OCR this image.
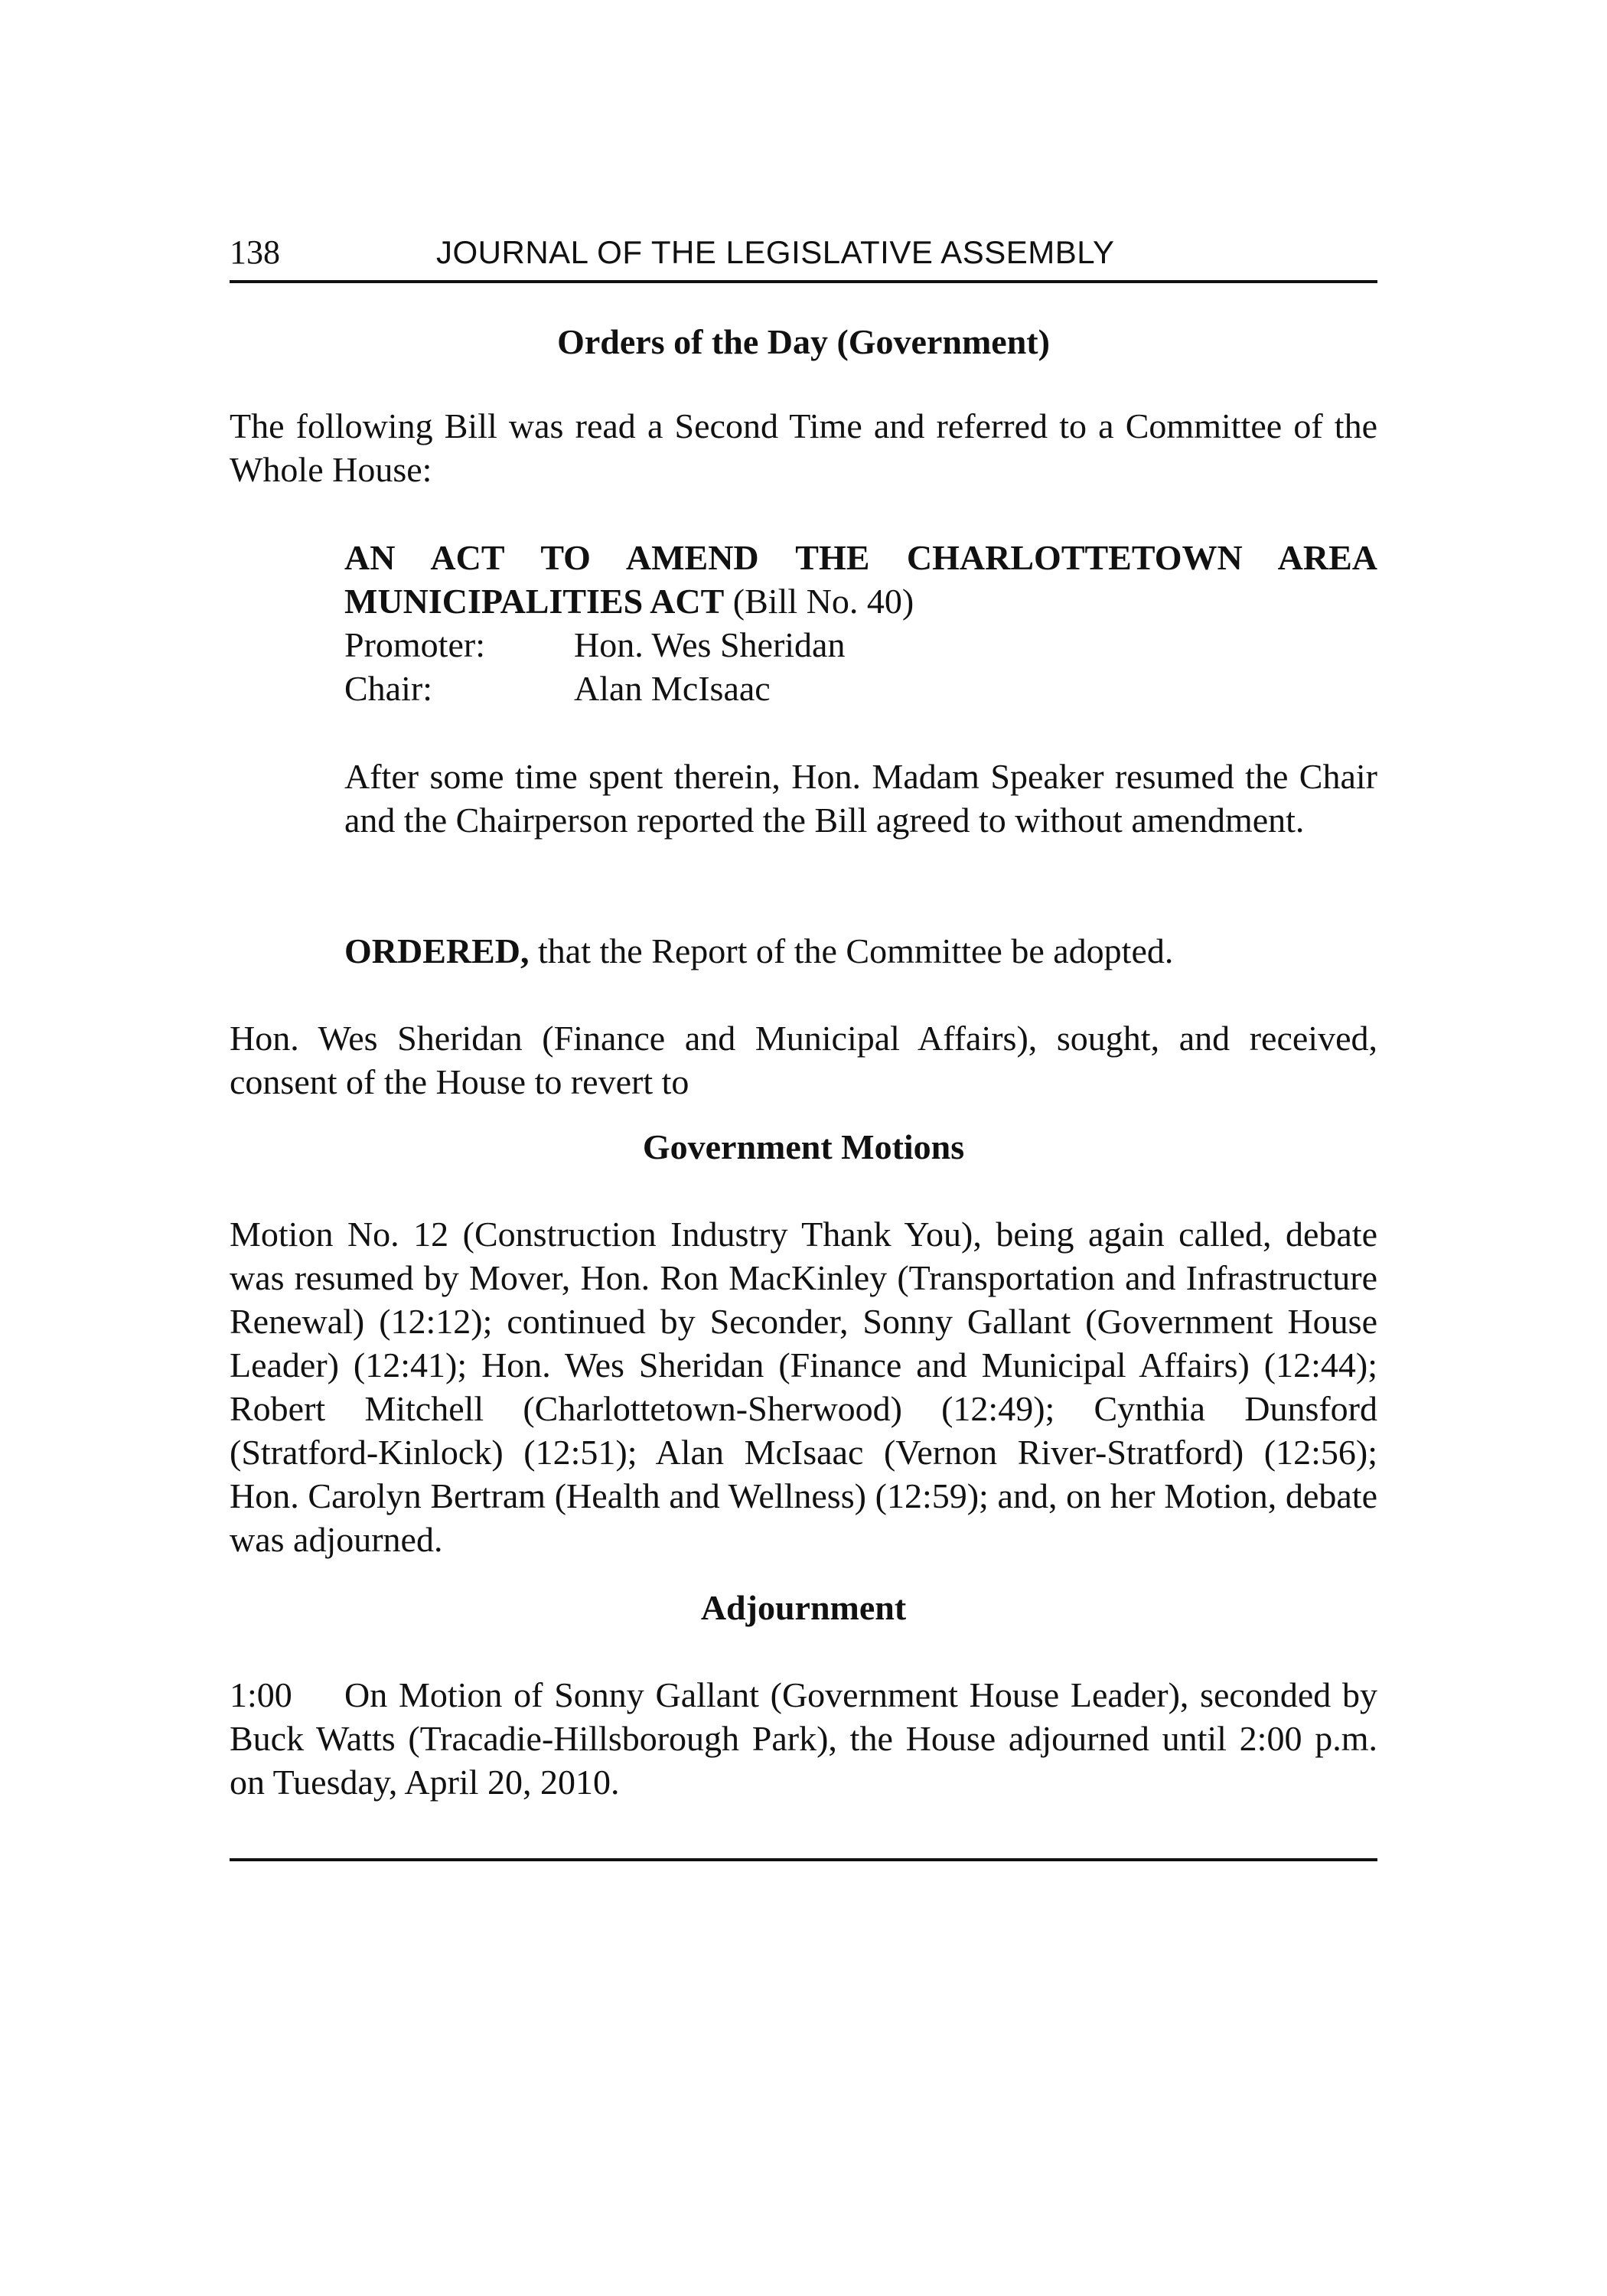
138	JOURNAL OF THE LEGISLATIVE ASSEMBLY
Orders of the Day (Government)
The following Bill was read a Second Time and referred to a Committee of the Whole House:
AN ACT TO AMEND THE CHARLOTTETOWN AREA MUNICIPALITIES ACT (Bill No. 40)
Promoter:	Hon. Wes Sheridan
Chair:	Alan McIsaac
After some time spent therein, Hon. Madam Speaker resumed the Chair and the Chairperson reported the Bill agreed to without amendment.
ORDERED, that the Report of the Committee be adopted.
Hon. Wes Sheridan (Finance and Municipal Affairs), sought, and received, consent of the House to revert to
Government Motions
Motion No. 12 (Construction Industry Thank You), being again called, debate was resumed by Mover, Hon. Ron MacKinley (Transportation and Infrastructure Renewal) (12:12); continued by Seconder, Sonny Gallant (Government House Leader) (12:41); Hon. Wes Sheridan (Finance and Municipal Affairs) (12:44); Robert Mitchell (Charlottetown-Sherwood) (12:49); Cynthia Dunsford (Stratford-Kinlock) (12:51); Alan McIsaac (Vernon River-Stratford) (12:56); Hon. Carolyn Bertram (Health and Wellness) (12:59); and, on her Motion, debate was adjourned.
Adjournment
1:00 On Motion of Sonny Gallant (Government House Leader), seconded by Buck Watts (Tracadie-Hillsborough Park), the House adjourned until 2:00 p.m. on Tuesday, April 20, 2010.
